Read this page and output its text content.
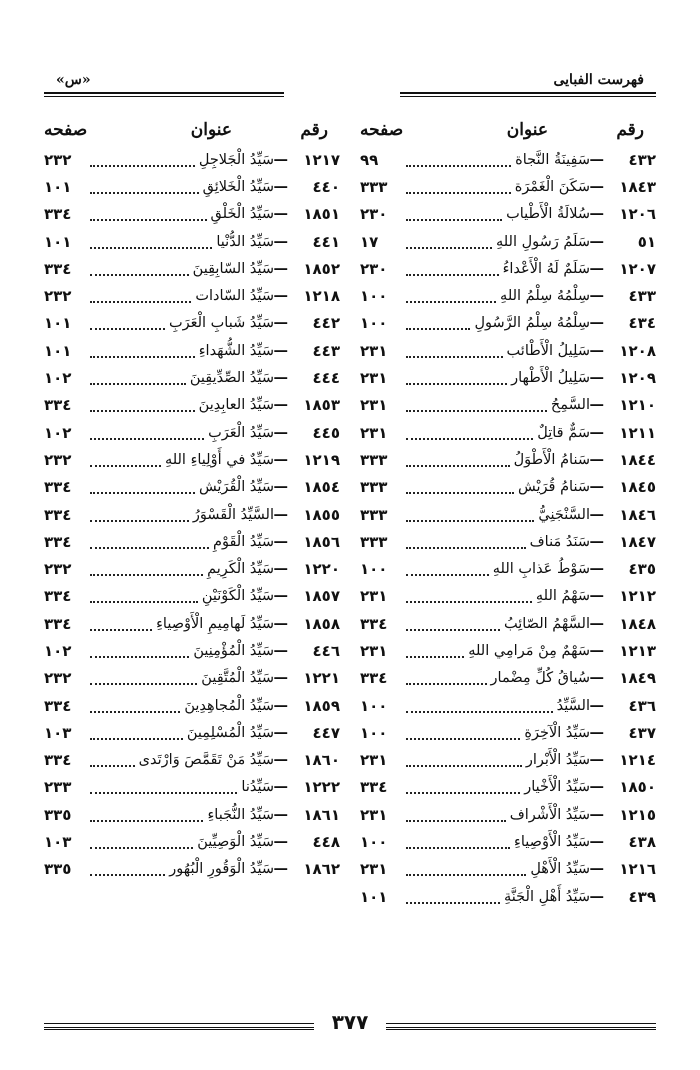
فهرست الفبايى
«س»
رقم
عنوان
صفحه
٤٣٢
—
سَفِينَةُ النَّجاة
٩٩
١٨٤٣
—
سَكَنَ الْغَمْرَة
٣٣٣
١٢٠٦
—
سُلالَةُ الْأَطْياب
٢٣٠
٥١
—
سَلَمُ رَسُولِ اللهِ
١٧
١٢٠٧
—
سَلَمٌ لَهُ الْأَعْداءُ
٢٣٠
٤٣٣
—
سِلْمُهُ سِلْمُ اللهِ
١٠٠
٤٣٤
—
سِلْمُهُ سِلْمُ الرَّسُولِ
١٠٠
١٢٠٨
—
سَلِيلُ الْأَطْائب
٢٣١
١٢٠٩
—
سَلِيلُ الْأَطْهار
٢٣١
١٢١٠
—
السَّمِحُ
٢٣١
١٢١١
—
سَمٌّ قاتِلٌ
٢٣١
١٨٤٤
—
سَنامُ الْأَطْوَلُ
٣٣٣
١٨٤٥
—
سَنامُ قُرَيْش
٣٣٣
١٨٤٦
—
السَّنْجَنِيُّ
٣٣٣
١٨٤٧
—
سَنَدُ مَناف
٣٣٣
٤٣٥
—
سَوْطُ عَذابِ اللهِ
١٠٠
١٢١٢
—
سَهْمُ اللهِ
٢٣١
١٨٤٨
—
السَّهْمُ الصّائِبُ
٣٣٤
١٢١٣
—
سَهْمٌ مِنْ مَرامِي اللهِ
٢٣١
١٨٤٩
—
سُياقُ كُلِّ مِضْمار
٣٣٤
٤٣٦
—
السَّيِّدُ
١٠٠
٤٣٧
—
سَيِّدُ الْآخِرَةِ
١٠٠
١٢١٤
—
سَيِّدُ الْأَبْرار
٢٣١
١٨٥٠
—
سَيِّدُ الْأَخْيار
٣٣٤
١٢١٥
—
سَيِّدُ الْأَشْراف
٢٣١
٤٣٨
—
سَيِّدُ الْأَوْصِياءِ
١٠٠
١٢١٦
—
سَيِّدُ الْأَهْلِ
٢٣١
٤٣٩
—
سَيِّدُ أَهْلِ الْجَنَّةِ
١٠١
رقم
عنوان
صفحه
١٢١٧
—
سَيِّدُ الْجَلاجِلِ
٢٣٢
٤٤٠
—
سَيِّدُ الْخَلائِقِ
١٠١
١٨٥١
—
سَيِّدُ الْخَلْقِ
٣٣٤
٤٤١
—
سَيِّدُ الدُّنْيا
١٠١
١٨٥٢
—
سَيِّدُ السّابِقِينَ
٣٣٤
١٢١٨
—
سَيِّدُ السّادات
٢٣٢
٤٤٢
—
سَيِّدُ شَبابِ الْعَرَبِ
١٠١
٤٤٣
—
سَيِّدُ الشُّهَداءِ
١٠١
٤٤٤
—
سَيِّدُ الصِّدِّيقِينَ
١٠٢
١٨٥٣
—
سَيِّدُ العابِدِينَ
٣٣٤
٤٤٥
—
سَيِّدُ الْعَرَبِ
١٠٢
١٢١٩
—
سَيِّدٌ في أَوْلِياءِ اللهِ
٢٣٢
١٨٥٤
—
سَيِّدُ الْقُرَيْش
٣٣٤
١٨٥٥
—
السَّيِّدُ الْقَسْوَرُ
٣٣٤
١٨٥٦
—
سَيِّدُ الْقَوْمِ
٣٣٤
١٢٢٠
—
سَيِّدُ الْكَرِيمِ
٢٣٢
١٨٥٧
—
سَيِّدُ الْكَوْنَيْنِ
٣٣٤
١٨٥٨
—
سَيِّدُ لَهامِيمِ الْأَوْصِياءِ
٣٣٤
٤٤٦
—
سَيِّدُ الْمُؤْمِنِينَ
١٠٢
١٢٢١
—
سَيِّدُ الْمُتَّقِينَ
٢٣٢
١٨٥٩
—
سَيِّدُ الْمُجاهِدِينَ
٣٣٤
٤٤٧
—
سَيِّدُ الْمُسْلِمِينَ
١٠٣
١٨٦٠
—
سَيِّدُ مَنْ تَقَمَّصَ وَارْتَدى
٣٣٤
١٢٢٢
—
سَيِّدُنا
٢٣٣
١٨٦١
—
سَيِّدُ النُّجَباءِ
٣٣٥
٤٤٨
—
سَيِّدُ الْوَصِيِّينَ
١٠٣
١٨٦٢
—
سَيِّدُ الْوَقُورِ الْبُهُور
٣٣٥
٣٧٧
